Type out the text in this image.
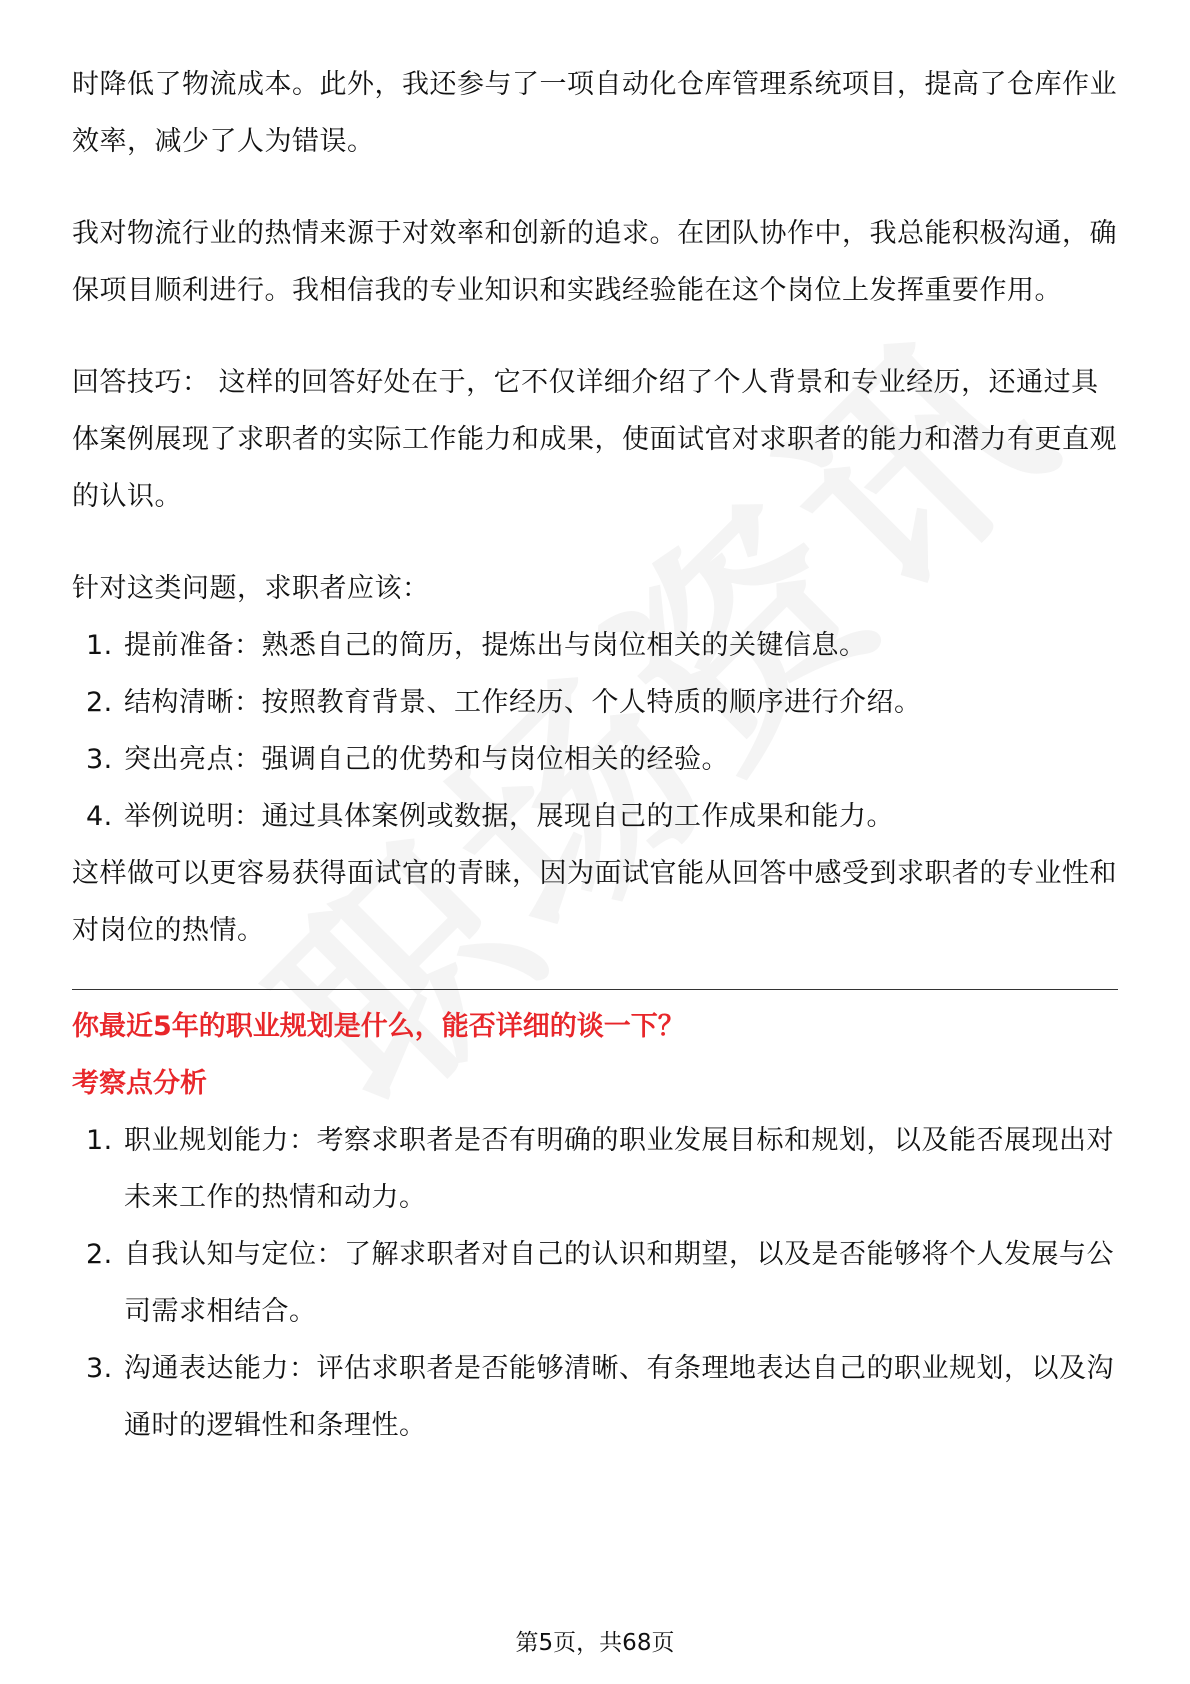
时降低了物流成本。此外，我还参与了一项自动化仓库管理系统项目，提高了仓库作业效率，减少了人为错误。

我对物流行业的热情来源于对效率和创新的追求。在团队协作中，我总能积极沟通，确保项目顺利进行。我相信我的专业知识和实践经验能在这个岗位上发挥重要作用。

回答技巧： 这样的回答好处在于，它不仅详细介绍了个人背景和专业经历，还通过具体案例展现了求职者的实际工作能力和成果，使面试官对求职者的能力和潜力有更直观的认识。

针对这类问题，求职者应该：

1. 提前准备：熟悉自己的简历，提炼出与岗位相关的关键信息。
2. 结构清晰：按照教育背景、工作经历、个人特质的顺序进行介绍。
3. 突出亮点：强调自己的优势和与岗位相关的经验。
4. 举例说明：通过具体案例或数据，展现自己的工作成果和能力。

这样做可以更容易获得面试官的青睐，因为面试官能从回答中感受到求职者的专业性和对岗位的热情。

你最近5年的职业规划是什么，能否详细的谈一下？
考察点分析
1. 职业规划能力：考察求职者是否有明确的职业发展目标和规划，以及能否展现出对未来工作的热情和动力。
2. 自我认知与定位：了解求职者对自己的认识和期望，以及是否能够将个人发展与公司需求相结合。
3. 沟通表达能力：评估求职者是否能够清晰、有条理地表达自己的职业规划，以及沟通时的逻辑性和条理性。
第5页，共68页
